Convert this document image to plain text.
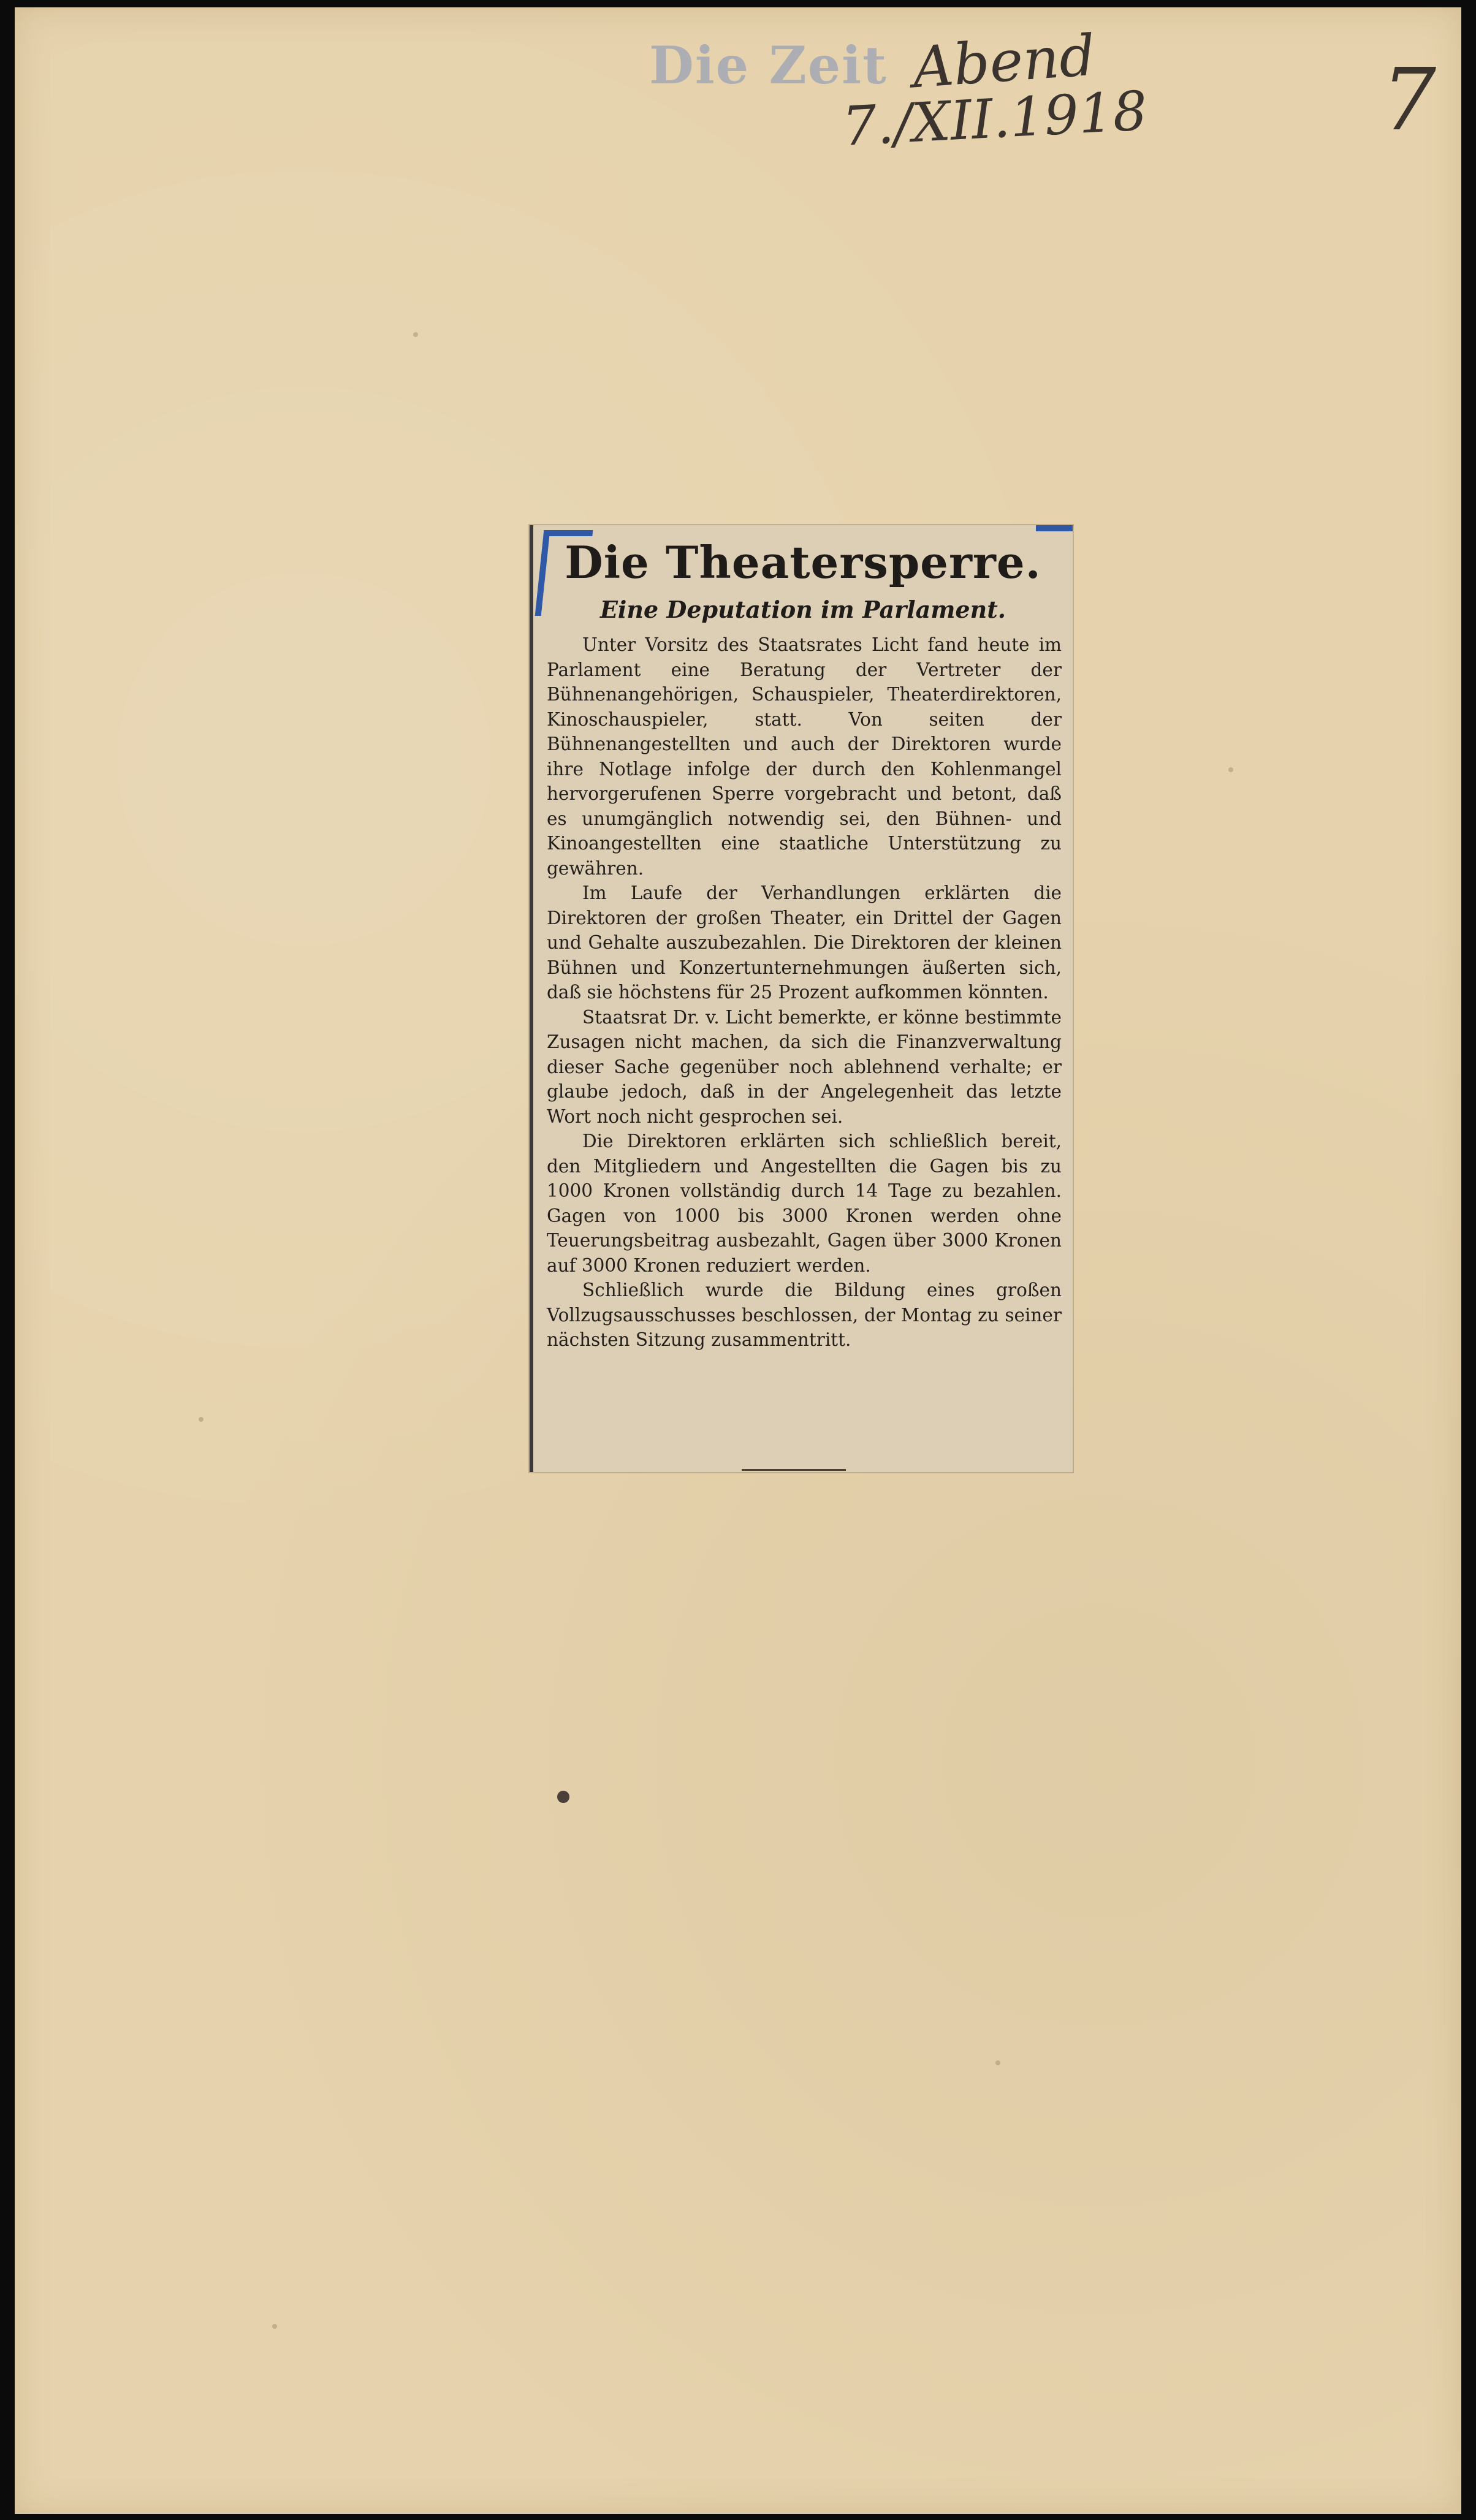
Die Zeit Abend
7./XII.1918	7
Die Theatersperre.
Eine Deputation im Parlament.

Unter Vorsitz des Staatsrates Licht fand heute im Parlament eine Beratung der Vertreter der Bühnenangehörigen, Schauspieler, Theaterdirektoren, Kinoschauspieler, statt. Von seiten der Bühnenangestellten und auch der Direktoren wurde ihre Notlage infolge der durch den Kohlenmangel hervorgerufenen Sperre vorgebracht und betont, daß es unumgänglich notwendig sei, den Bühnen- und Kinoangestellten eine staatliche Unterstützung zu gewähren.

Im Laufe der Verhandlungen erklärten die Direktoren der großen Theater, ein Drittel der Gagen und Gehalte auszubezahlen. Die Direktoren der kleinen Bühnen und Konzertunternehmungen äußerten sich, daß sie höchstens für 25 Prozent aufkommen könnten.

Staatsrat Dr. v. Licht bemerkte, er könne bestimmte Zusagen nicht machen, da sich die Finanzverwaltung dieser Sache gegenüber noch ablehnend verhalte; er glaube jedoch, daß in der Angelegenheit das letzte Wort noch nicht gesprochen sei.

Die Direktoren erklärten sich schließlich bereit, den Mitgliedern und Angestellten die Gagen bis zu 1000 Kronen vollständig durch 14 Tage zu bezahlen. Gagen von 1000 bis 3000 Kronen werden ohne Teuerungsbeitrag ausbezahlt, Gagen über 3000 Kronen auf 3000 Kronen reduziert werden.

Schließlich wurde die Bildung eines großen Vollzugsausschusses beschlossen, der Montag zu seiner nächsten Sitzung zusammentritt.
